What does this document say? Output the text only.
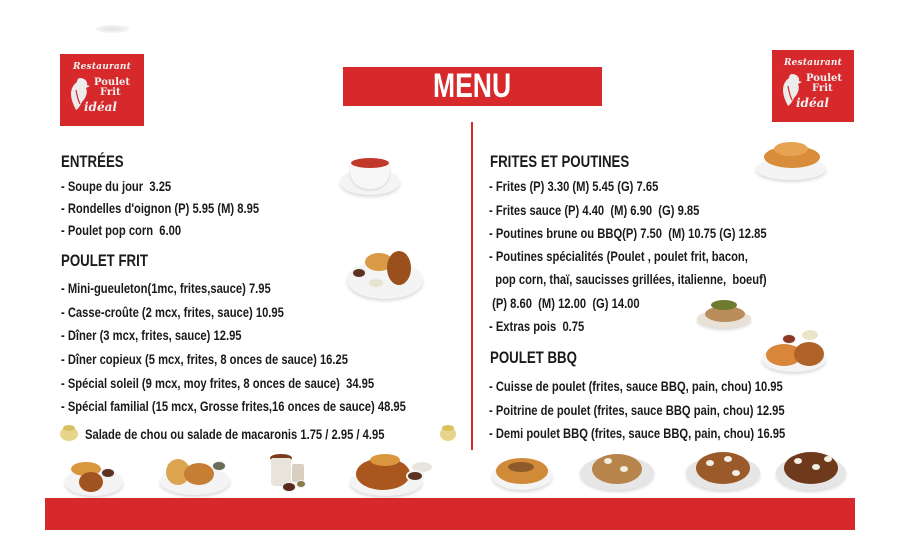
Restaurant
Poulet
Frit
idéal
MENU
Restaurant
Poulet
Frit
idéal
ENTRÉES
- Soupe du jour  3.25
- Rondelles d'oignon (P) 5.95 (M) 8.95
- Poulet pop corn  6.00
POULET FRIT
- Mini-gueuleton(1mc, frites,sauce) 7.95
- Casse-croûte (2 mcx, frites, sauce) 10.95
- Dîner (3 mcx, frites, sauce) 12.95
- Dîner copieux (5 mcx, frites, 8 onces de sauce) 16.25
- Spécial soleil (9 mcx, moy frites, 8 onces de sauce)  34.95
- Spécial familial (15 mcx, Grosse frites,16 onces de sauce) 48.95
Salade de chou ou salade de macaronis 1.75 / 2.95 / 4.95
FRITES ET POUTINES
- Frites (P) 3.30 (M) 5.45 (G) 7.65
- Frites sauce (P) 4.40  (M) 6.90  (G) 9.85
- Poutines brune ou BBQ(P) 7.50  (M) 10.75 (G) 12.85
- Poutines spécialités (Poulet , poulet frit, bacon,
pop corn, thaï, saucisses grillées, italienne,  boeuf)
(P) 8.60  (M) 12.00  (G) 14.00
- Extras pois  0.75
POULET BBQ
- Cuisse de poulet (frites, sauce BBQ, pain, chou) 10.95
- Poitrine de poulet (frites, sauce BBQ pain, chou) 12.95
- Demi poulet BBQ (frites, sauce BBQ, pain, chou) 16.95
